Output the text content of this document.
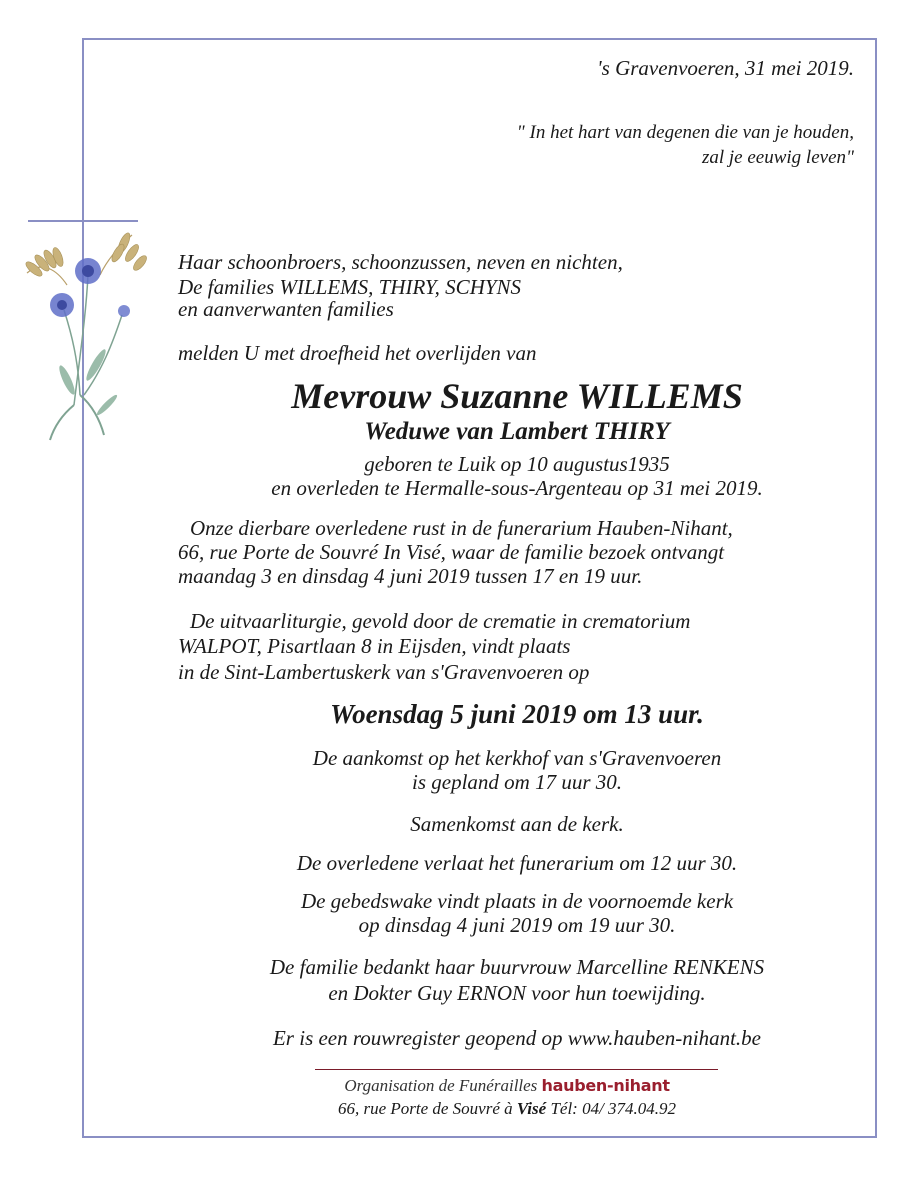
's Gravenvoeren, 31 mei 2019.
" In het hart van degenen die van je houden,
zal je eeuwig leven"
Haar schoonbroers, schoonzussen, neven en nichten,
De families WILLEMS, THIRY, SCHYNS
en aanverwanten families
melden U met droefheid het overlijden van
Mevrouw Suzanne WILLEMS
Weduwe van Lambert THIRY
geboren te Luik op 10 augustus1935
en overleden te Hermalle-sous-Argenteau op 31 mei 2019.
Onze dierbare overledene rust in de funerarium Hauben-Nihant,
66, rue Porte de Souvré In Visé, waar de familie bezoek ontvangt
maandag 3 en dinsdag 4 juni 2019 tussen 17 en 19 uur.
De uitvaarliturgie, gevold door de crematie in crematorium
WALPOT, Pisartlaan 8 in Eijsden, vindt plaats
in de Sint-Lambertuskerk van s'Gravenvoeren op
Woensdag 5 juni 2019 om 13 uur.
De aankomst op het kerkhof van s'Gravenvoeren
is gepland om 17 uur 30.
Samenkomst aan de kerk.
De overledene verlaat het funerarium om 12 uur 30.
De gebedswake vindt plaats in de voornoemde kerk
op dinsdag 4 juni 2019 om 19 uur 30.
De familie bedankt haar buurvrouw Marcelline RENKENS
en Dokter Guy ERNON voor hun toewijding.
Er is een rouwregister geopend op www.hauben-nihant.be
Organisation de Funérailles hauben-nihant
66, rue Porte de Souvré à Visé Tél: 04/ 374.04.92
